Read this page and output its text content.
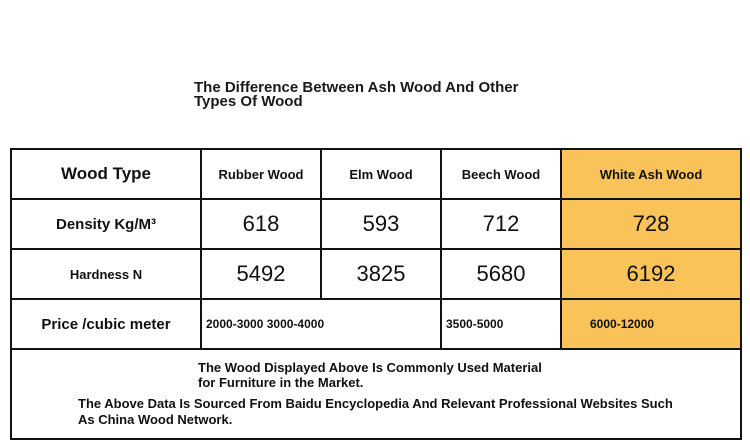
The Difference Between Ash Wood And Other
Types Of Wood
Wood Type	Rubber Wood	Elm Wood	Beech Wood	White Ash Wood
Density Kg/M³	618	593	712	728
Hardness N	5492	3825	5680	6192
Price /cubic meter	2000-3000 3000-4000		3500-5000	6000-12000

The Wood Displayed Above Is Commonly Used Material
for Furniture in the Market.
The Above Data Is Sourced From Baidu Encyclopedia And Relevant Professional Websites Such
As China Wood Network.				
